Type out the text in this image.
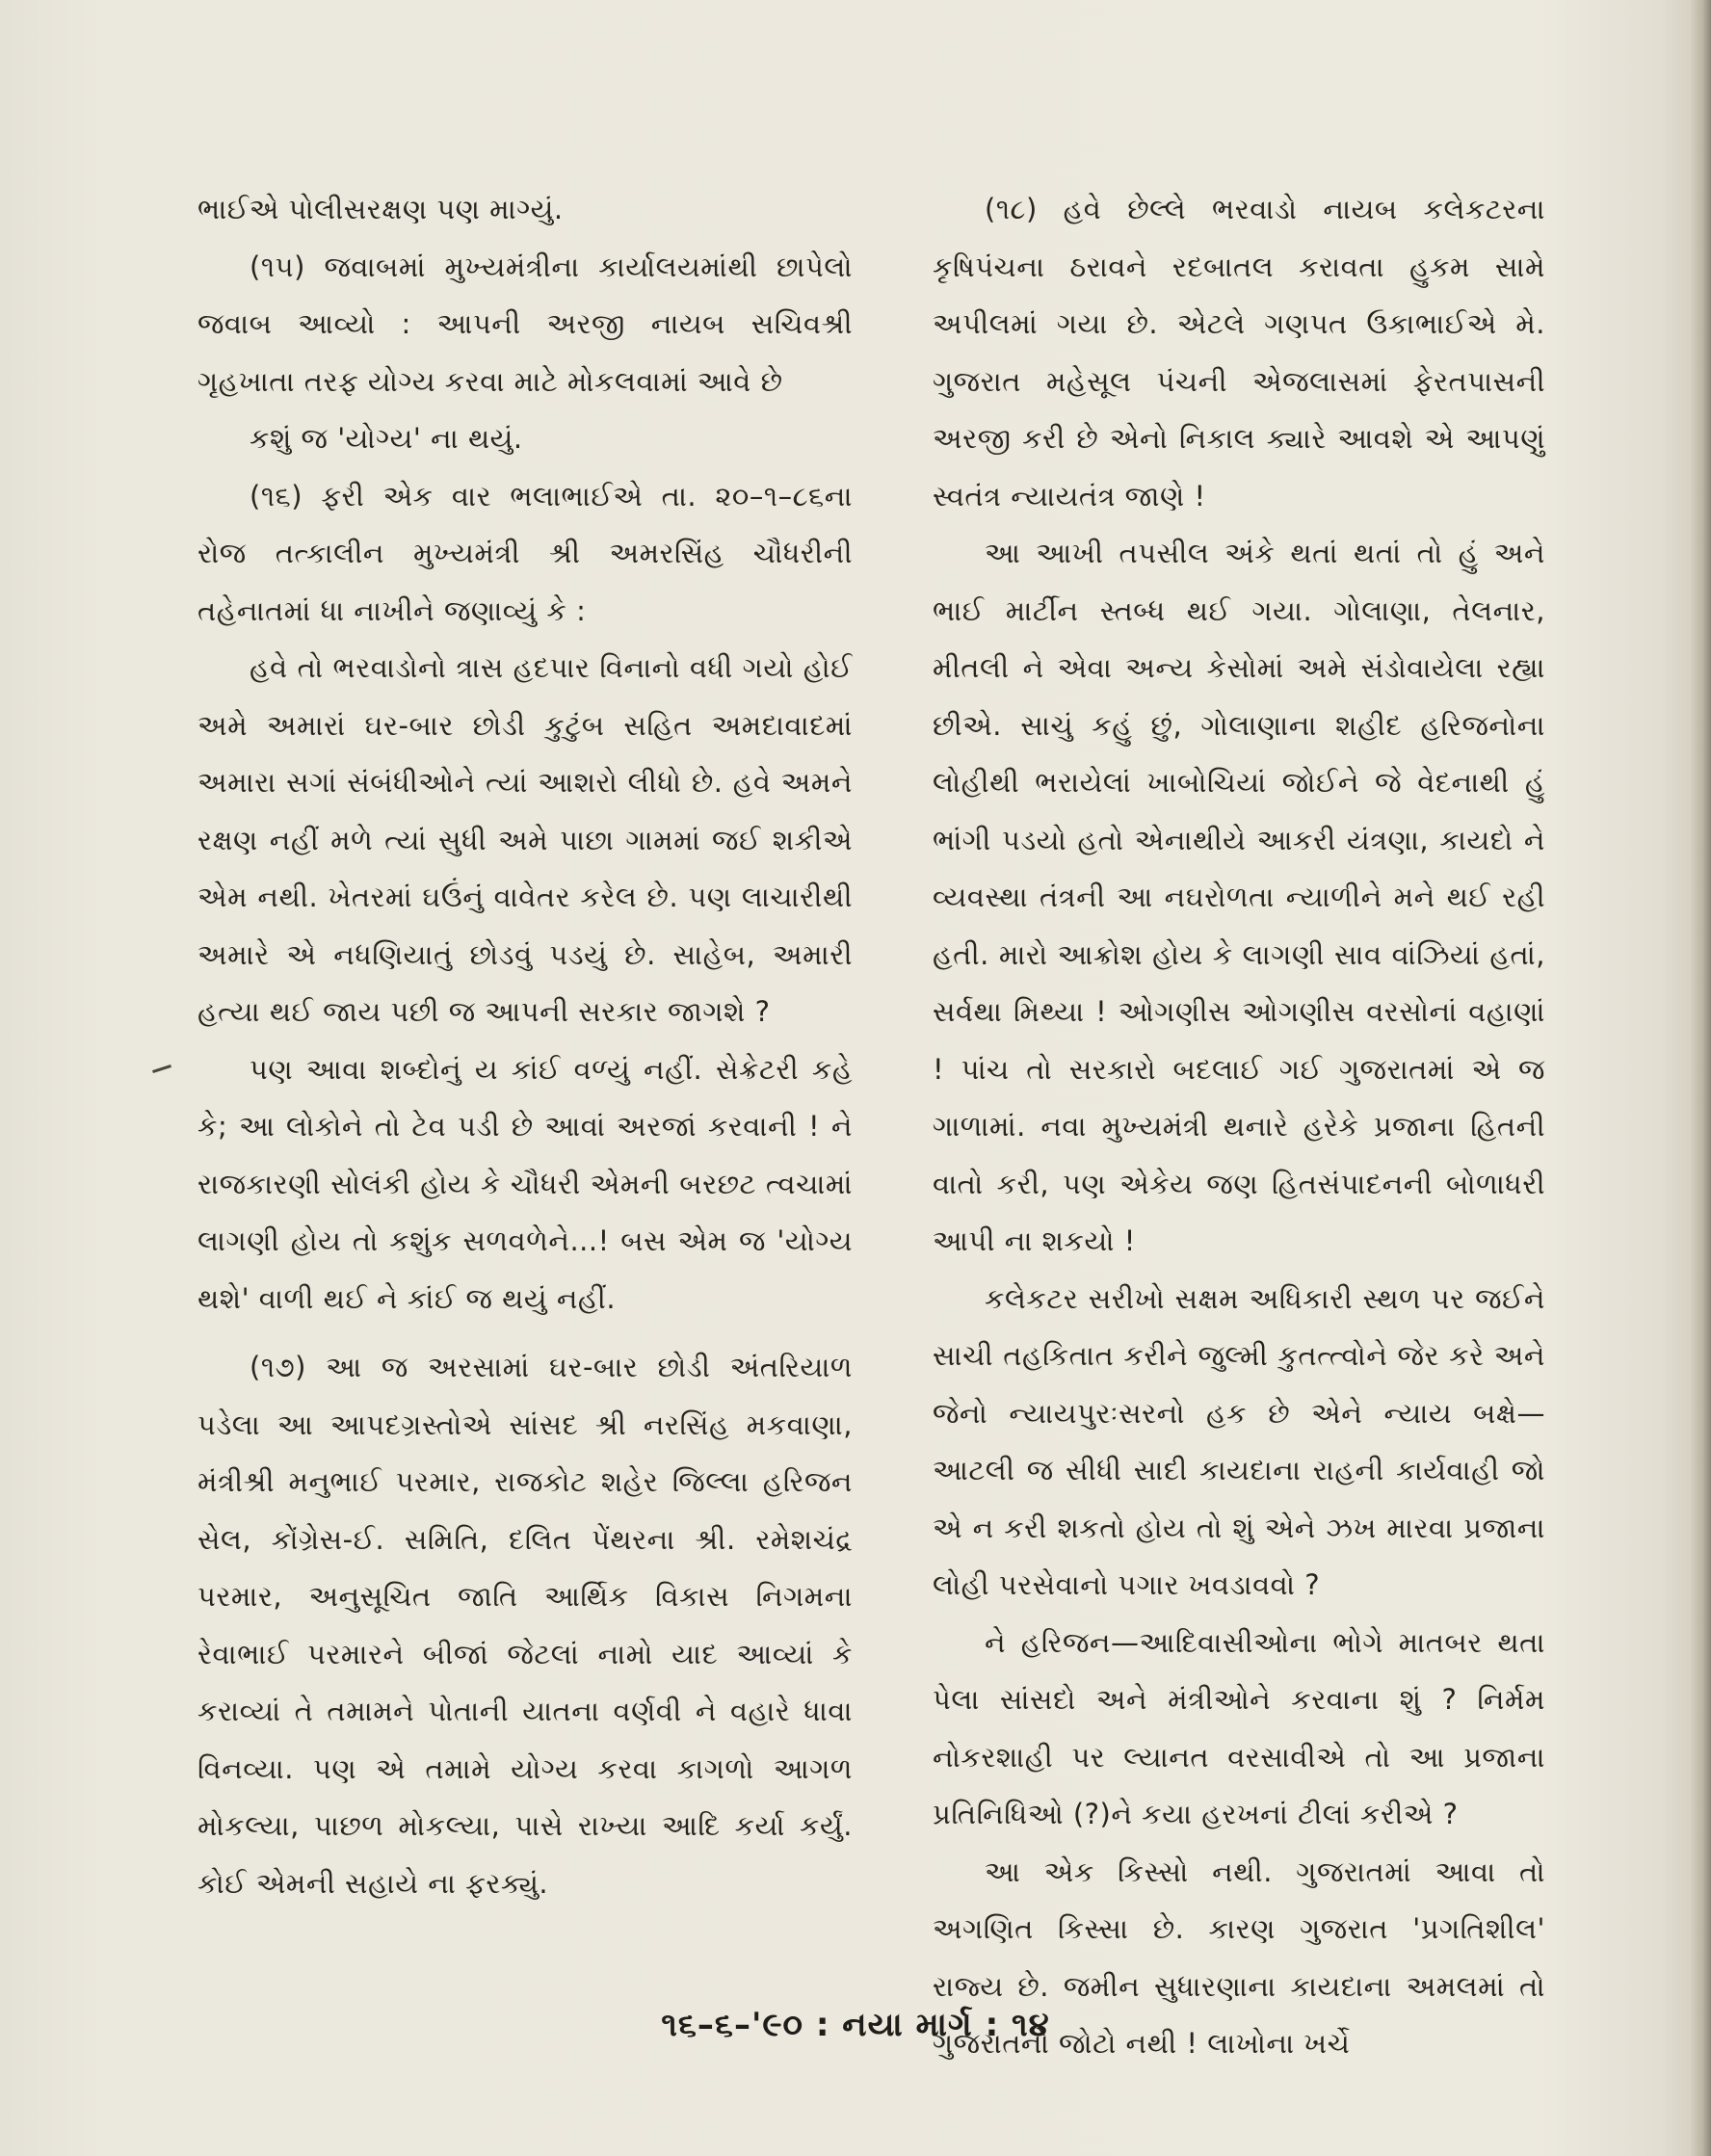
ભાઈએ પોલીસરક્ષણ પણ માગ્યું.

(૧૫) જવાબમાં મુખ્યમંત્રીના કાર્યાલયમાંથી છાપેલો જવાબ આવ્યો : આપની અરજી નાયબ સચિવશ્રી ગૃહખાતા તરફ યોગ્ય કરવા માટે મોકલવામાં આવે છે

કશું જ 'યોગ્ય' ના થયું.

(૧૬) ફરી એક વાર ભલાભાઈએ તા. ૨૦–૧–૮૬ના રોજ તત્કાલીન મુખ્યમંત્રી શ્રી અમરસિંહ ચૌધરીની તહેનાતમાં ધા નાખીને જણાવ્યું કે :

હવે તો ભરવાડોનો ત્રાસ હદપાર વિનાનો વધી ગયો હોઈ અમે અમારાં ઘર-બાર છોડી કુટુંબ સહિત અમદાવાદમાં અમારા સગાં સંબંધીઓને ત્યાં આશરો લીધો છે. હવે અમને રક્ષણ નહીં મળે ત્યાં સુધી અમે પાછા ગામમાં જઈ શકીએ એમ નથી. ખેતરમાં ઘઉંનું વાવેતર કરેલ છે. પણ લાચારીથી અમારે એ નધણિયાતું છોડવું પડયું છે. સાહેબ, અમારી હત્યા થઈ જાય પછી જ આપની સરકાર જાગશે ?

પણ આવા શબ્દોનું ય કાંઈ વળ્યું નહીં. સેક્રેટરી કહે કે; આ લોકોને તો ટેવ પડી છે આવાં અરજાં કરવાની ! ને રાજકારણી સોલંકી હોય કે ચૌધરી એમની બરછટ ત્વચામાં લાગણી હોય તો કશુંક સળવળેને...! બસ એમ જ 'યોગ્ય થશે' વાળી થઈ ને કાંઈ જ થયું નહીં.

(૧૭) આ જ અરસામાં ઘર-બાર છોડી અંતરિયાળ પડેલા આ આપદગ્રસ્તોએ સાંસદ શ્રી નરસિંહ મકવાણા, મંત્રીશ્રી મનુભાઈ પરમાર, રાજકોટ શહેર જિલ્લા હરિજન સેલ, કોંગ્રેસ-ઈ. સમિતિ, દલિત પેંથરના શ્રી. રમેશચંદ્ર પરમાર, અનુસૂચિત જાતિ આર્થિક વિકાસ નિગમના રેવાભાઈ પરમારને બીજાં જેટલાં નામો યાદ આવ્યાં કે કરાવ્યાં તે તમામને પોતાની યાતના વર્ણવી ને વહારે ધાવા વિનવ્યા. પણ એ તમામે યોગ્ય કરવા કાગળો આગળ મોકલ્યા, પાછળ મોકલ્યા, પાસે રાખ્યા આદિ કર્યા કર્યું. કોઈ એમની સહાયે ના ફરક્યું.

(૧૮) હવે છેલ્લે ભરવાડો નાયબ કલેકટરના કૃષિપંચના ઠરાવને રદબાતલ કરાવતા હુકમ સામે અપીલમાં ગયા છે. એટલે ગણપત ઉકાભાઈએ મે. ગુજરાત મહેસૂલ પંચની એજલાસમાં ફેરતપાસની અરજી કરી છે એનો નિકાલ ક્યારે આવશે એ આપણું સ્વતંત્ર ન્યાયતંત્ર જાણે !

આ આખી તપસીલ અંકે થતાં થતાં તો હું અને ભાઈ માર્ટીન સ્તબ્ધ થઈ ગયા. ગોલાણા, તેલનાર, મીતલી ને એવા અન્ય કેસોમાં અમે સંડોવાયેલા રહ્યા છીએ. સાચું કહું છું, ગોલાણાના શહીદ હરિજનોના લોહીથી ભરાયેલાં ખાબોચિયાં જોઈને જે વેદનાથી હું ભાંગી પડયો હતો એનાથીયે આકરી યંત્રણા, કાયદો ને વ્યવસ્થા તંત્રની આ નઘરોળતા ન્યાળીને મને થઈ રહી હતી. મારો આક્રોશ હોય કે લાગણી સાવ વાંઝિયાં હતાં, સર્વથા મિથ્યા ! ઓગણીસ ઓગણીસ વરસોનાં વહાણાં ! પાંચ તો સરકારો બદલાઈ ગઈ ગુજરાતમાં એ જ ગાળામાં. નવા મુખ્યમંત્રી થનારે હરેકે પ્રજાના હિતની વાતો કરી, પણ એકેય જણ હિતસંપાદનની બોળાધરી આપી ના શકયો !

કલેકટર સરીખો સક્ષમ અધિકારી સ્થળ પર જઈને સાચી તહકિતાત કરીને જુલ્મી કુતત્ત્વોને જેર કરે અને જેનો ન્યાયપુરઃસરનો હક છે એને ન્યાય બક્ષે—આટલી જ સીધી સાદી કાયદાના રાહની કાર્યવાહી જો એ ન કરી શકતો હોય તો શું એને ઝખ મારવા પ્રજાના લોહી પરસેવાનો પગાર ખવડાવવો ?

ને હરિજન—આદિવાસીઓના ભોગે માતબર થતા પેલા સાંસદો અને મંત્રીઓને કરવાના શું ? નિર્મમ નોકરશાહી પર લ્યાનત વરસાવીએ તો આ પ્રજાના પ્રતિનિધિઓ (?)ને કયા હરખનાં ટીલાં કરીએ ?

આ એક કિસ્સો નથી. ગુજરાતમાં આવા તો અગણિત કિસ્સા છે. કારણ ગુજરાત 'પ્રગતિશીલ' રાજ્ય છે. જમીન સુધારણાના કાયદાના અમલમાં તો ગુજરાતનો જોટો નથી ! લાખોના ખર્ચે

૧૬–૬–'૯૦ : નયા માર્ગ : ૧૪
